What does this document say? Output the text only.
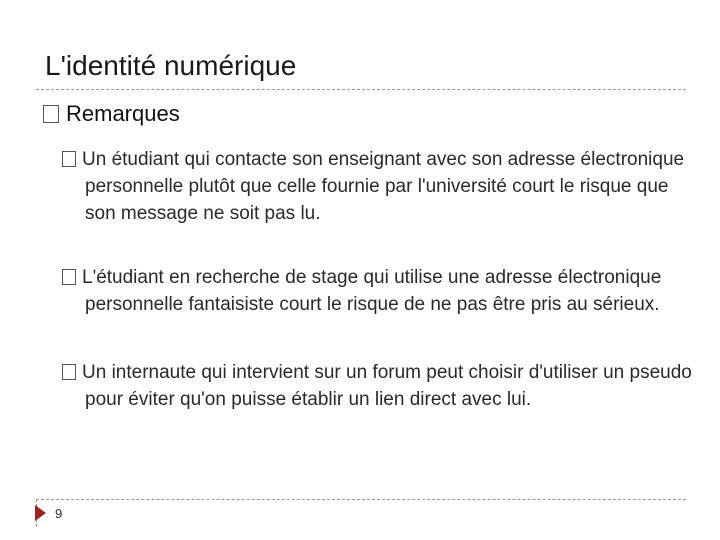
L'identité numérique
Remarques

Un étudiant qui contacte son enseignant avec son adresse électronique personnelle plutôt que celle fournie par l'université court le risque que son message ne soit pas lu.

L'étudiant en recherche de stage qui utilise une adresse électronique personnelle fantaisiste court le risque de ne pas être pris au sérieux.

Un internaute qui intervient sur un forum peut choisir d'utiliser un pseudo pour éviter qu'on puisse établir un lien direct avec lui.

9
